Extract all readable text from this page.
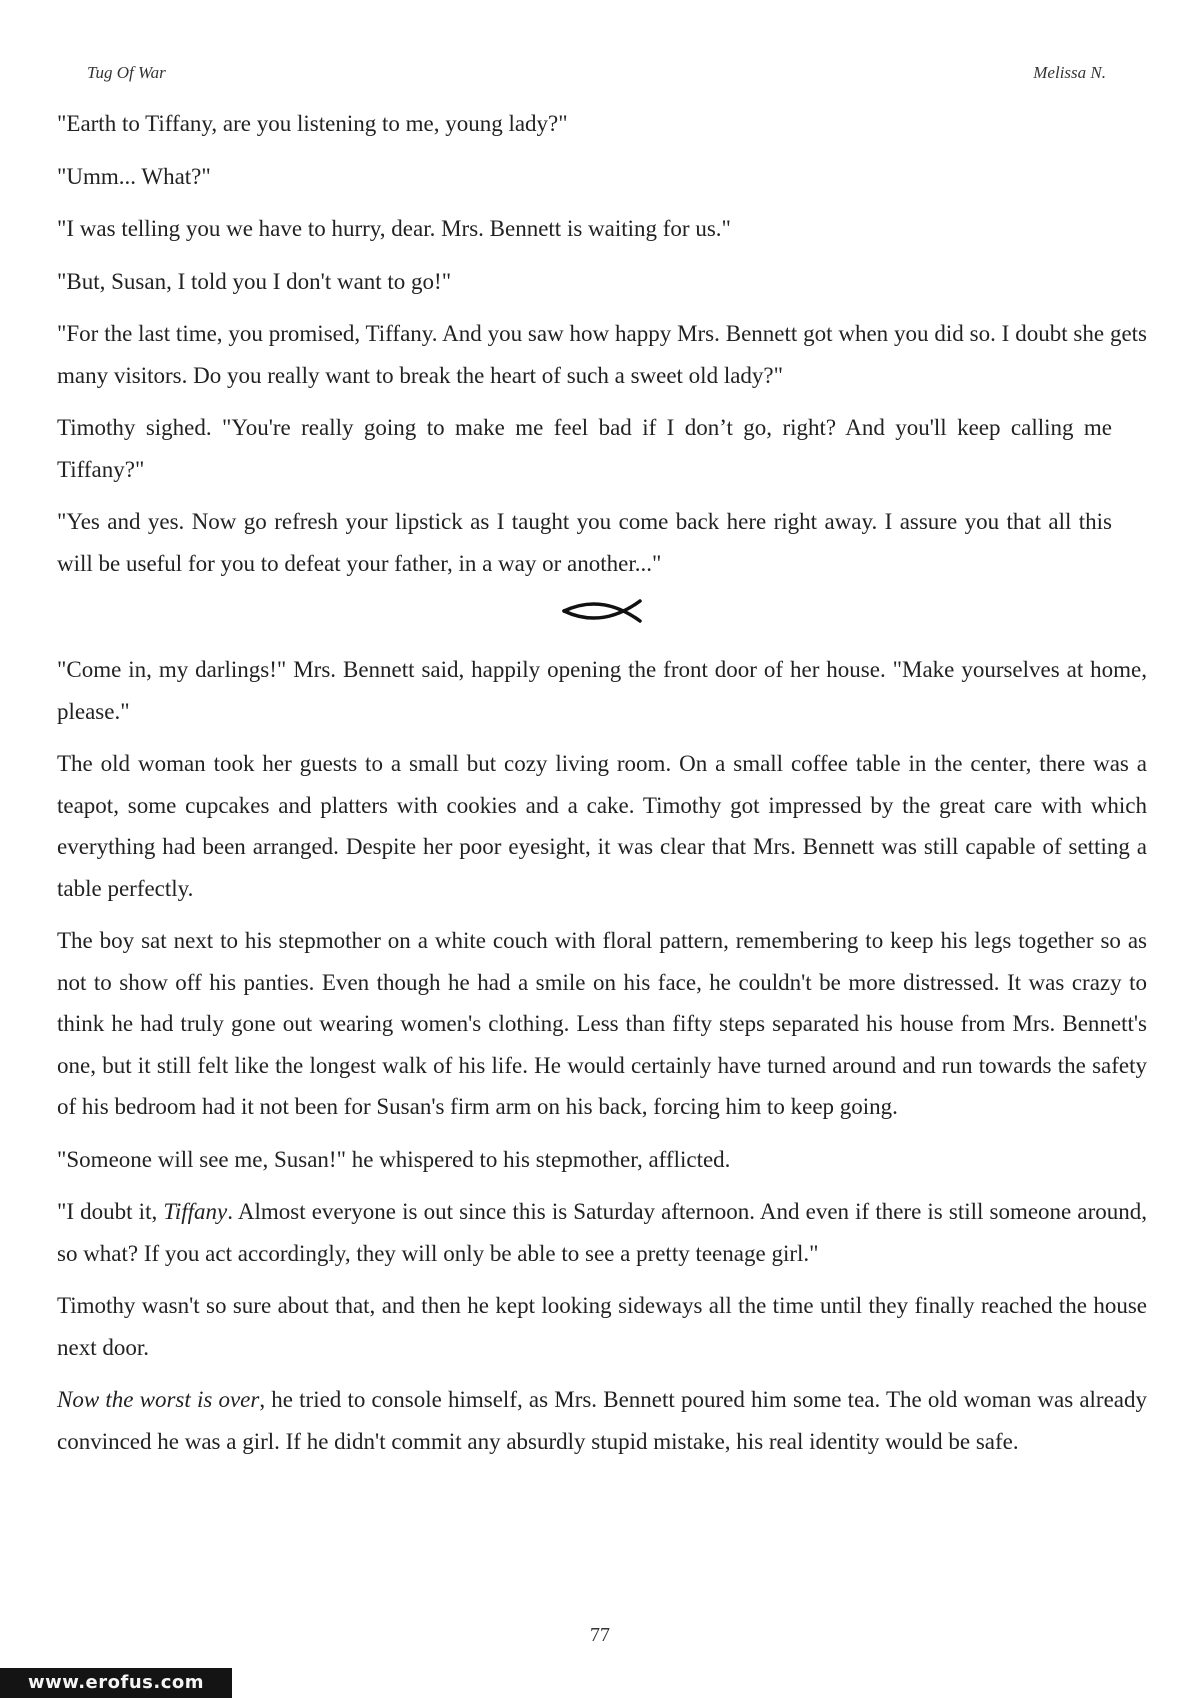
Tug Of War	Melissa N.

"Earth to Tiffany, are you listening to me, young lady?"

"Umm... What?"

"I was telling you we have to hurry, dear. Mrs. Bennett is waiting for us."

"But, Susan, I told you I don't want to go!"

"For the last time, you promised, Tiffany. And you saw how happy Mrs. Bennett got when you did so. I doubt she gets many visitors. Do you really want to break the heart of such a sweet old lady?"

Timothy sighed. "You're really going to make me feel bad if I don’t go, right? And you'll keep calling me Tiffany?"

"Yes and yes. Now go refresh your lipstick as I taught you come back here right away. I assure you that all this will be useful for you to defeat your father, in a way or another..."

"Come in, my darlings!" Mrs. Bennett said, happily opening the front door of her house. "Make yourselves at home, please."

The old woman took her guests to a small but cozy living room. On a small coffee table in the center, there was a teapot, some cupcakes and platters with cookies and a cake. Timothy got impressed by the great care with which everything had been arranged. Despite her poor eyesight, it was clear that Mrs. Bennett was still capable of setting a table perfectly.

The boy sat next to his stepmother on a white couch with floral pattern, remembering to keep his legs together so as not to show off his panties. Even though he had a smile on his face, he couldn't be more distressed. It was crazy to think he had truly gone out wearing women's clothing. Less than fifty steps separated his house from Mrs. Bennett's one, but it still felt like the longest walk of his life. He would certainly have turned around and run towards the safety of his bedroom had it not been for Susan's firm arm on his back, forcing him to keep going.

"Someone will see me, Susan!" he whispered to his stepmother, afflicted.

"I doubt it, Tiffany. Almost everyone is out since this is Saturday afternoon. And even if there is still someone around, so what? If you act accordingly, they will only be able to see a pretty teenage girl."

Timothy wasn't so sure about that, and then he kept looking sideways all the time until they finally reached the house next door.

Now the worst is over, he tried to console himself, as Mrs. Bennett poured him some tea. The old woman was already convinced he was a girl. If he didn't commit any absurdly stupid mistake, his real identity would be safe.

77
www.erofus.com
